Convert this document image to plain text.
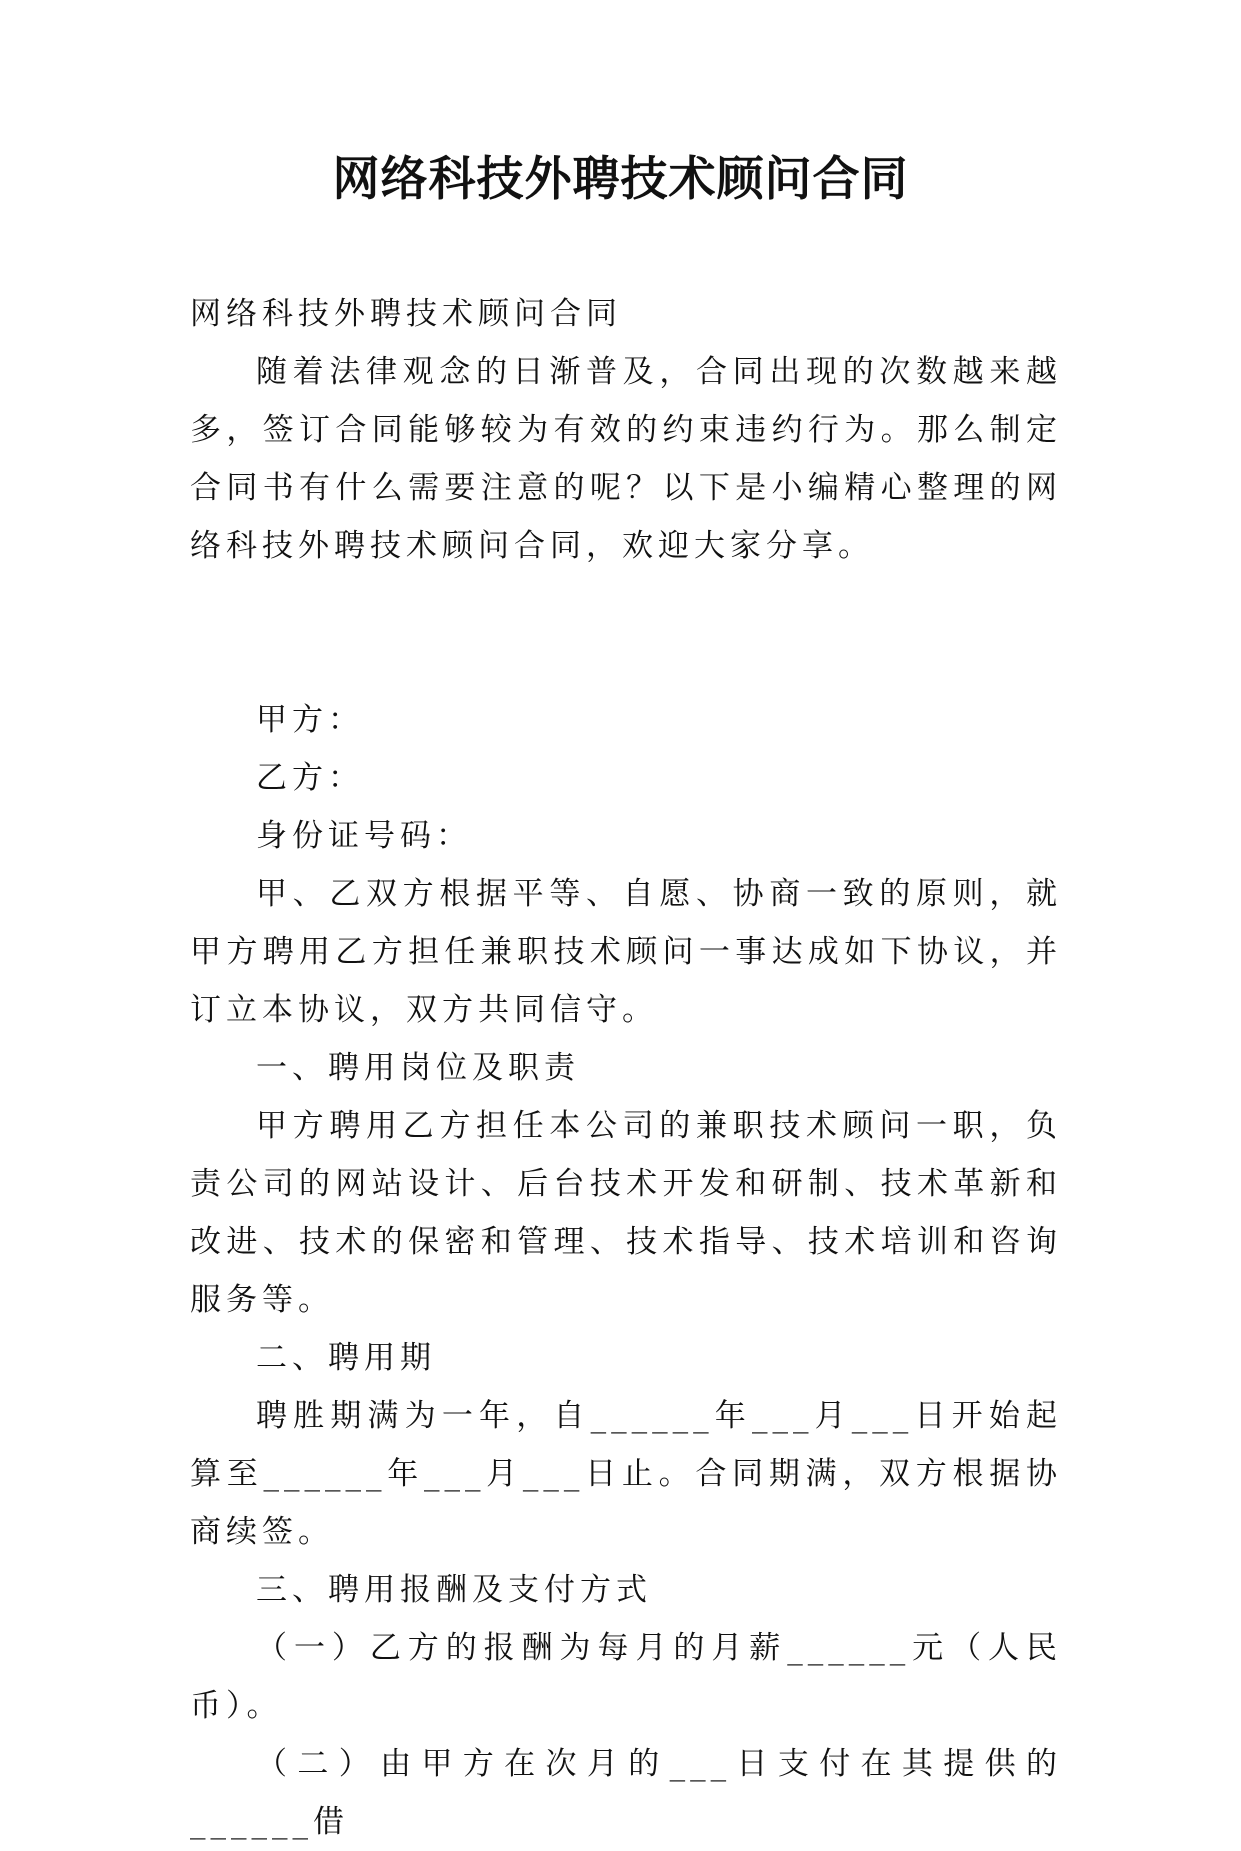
网络科技外聘技术顾问合同

网络科技外聘技术顾问合同

随着法律观念的日渐普及，合同出现的次数越来越多，签订合同能够较为有效的约束违约行为。那么制定合同书有什么需要注意的呢？以下是小编精心整理的网络科技外聘技术顾问合同，欢迎大家分享。

甲方：

乙方：

身份证号码：

甲、乙双方根据平等、自愿、协商一致的原则，就甲方聘用乙方担任兼职技术顾问一事达成如下协议，并订立本协议，双方共同信守。

一、聘用岗位及职责

甲方聘用乙方担任本公司的兼职技术顾问一职，负责公司的网站设计、后台技术开发和研制、技术革新和改进、技术的保密和管理、技术指导、技术培训和咨询服务等。

二、聘用期

聘胜期满为一年，自______年___月___日开始起算至______年___月___日止。合同期满，双方根据协商续签。

三、聘用报酬及支付方式

（一）乙方的报酬为每月的月薪______元（人民币）。

（二）由甲方在次月的___日支付在其提供的______借
